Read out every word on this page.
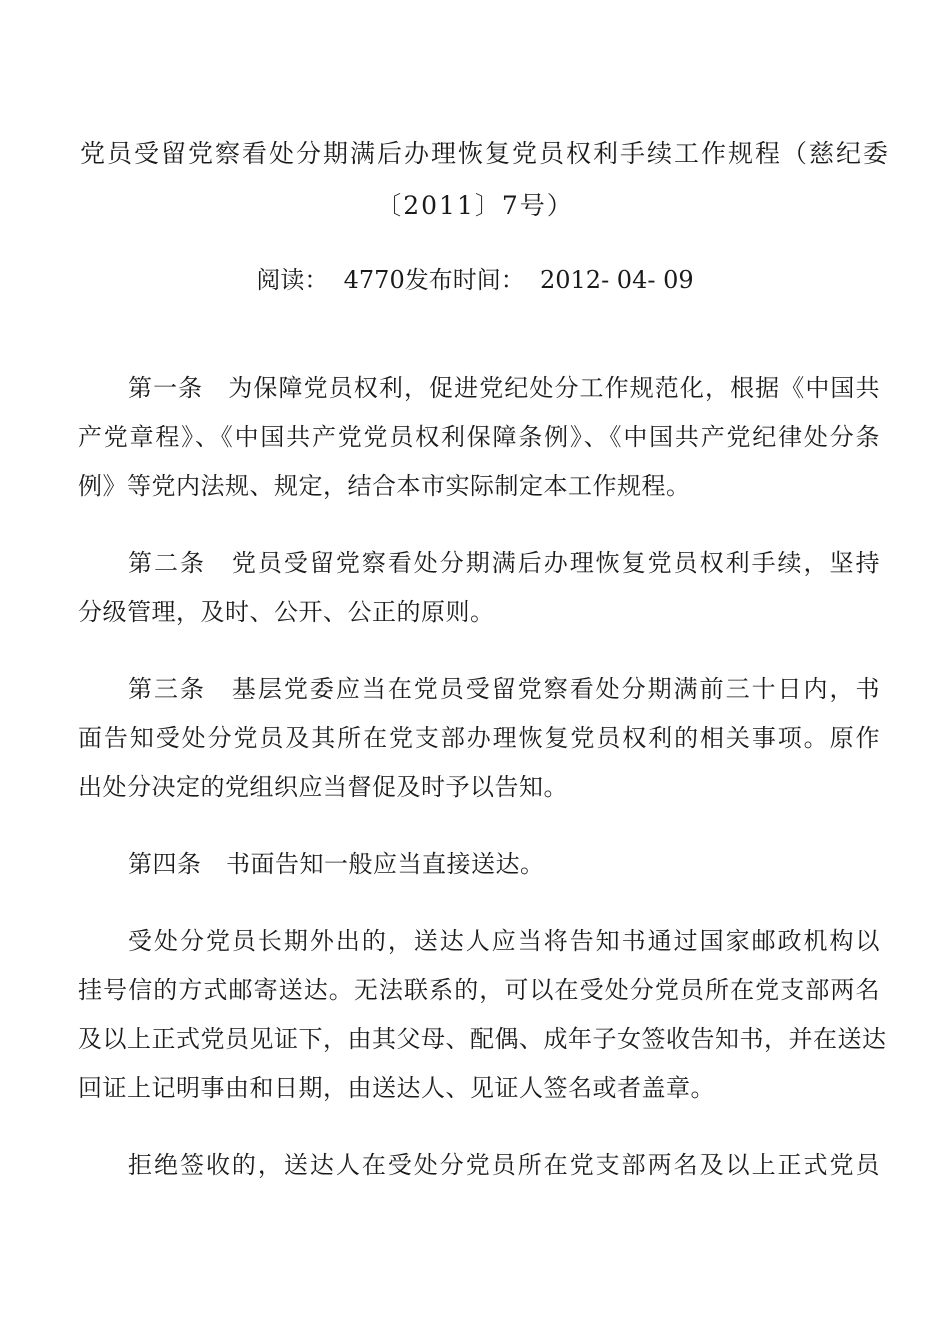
党员受留党察看处分期满后办理恢复党员权利手续工作规程（慈纪委
〔2011〕7号）
阅读： 4770发布时间： 2012- 04- 09
第一条　为保障党员权利，促进党纪处分工作规范化，根据《中国共
产党章程》、《中国共产党党员权利保障条例》、《中国共产党纪律处分条
例》等党内法规、规定，结合本市实际制定本工作规程。
第二条　党员受留党察看处分期满后办理恢复党员权利手续，坚持
分级管理，及时、公开、公正的原则。
第三条　基层党委应当在党员受留党察看处分期满前三十日内，书
面告知受处分党员及其所在党支部办理恢复党员权利的相关事项。原作
出处分决定的党组织应当督促及时予以告知。
第四条　书面告知一般应当直接送达。
受处分党员长期外出的，送达人应当将告知书通过国家邮政机构以
挂号信的方式邮寄送达。无法联系的，可以在受处分党员所在党支部两名
及以上正式党员见证下，由其父母、配偶、成年子女签收告知书，并在送达
回证上记明事由和日期，由送达人、见证人签名或者盖章。
拒绝签收的，送达人在受处分党员所在党支部两名及以上正式党员
